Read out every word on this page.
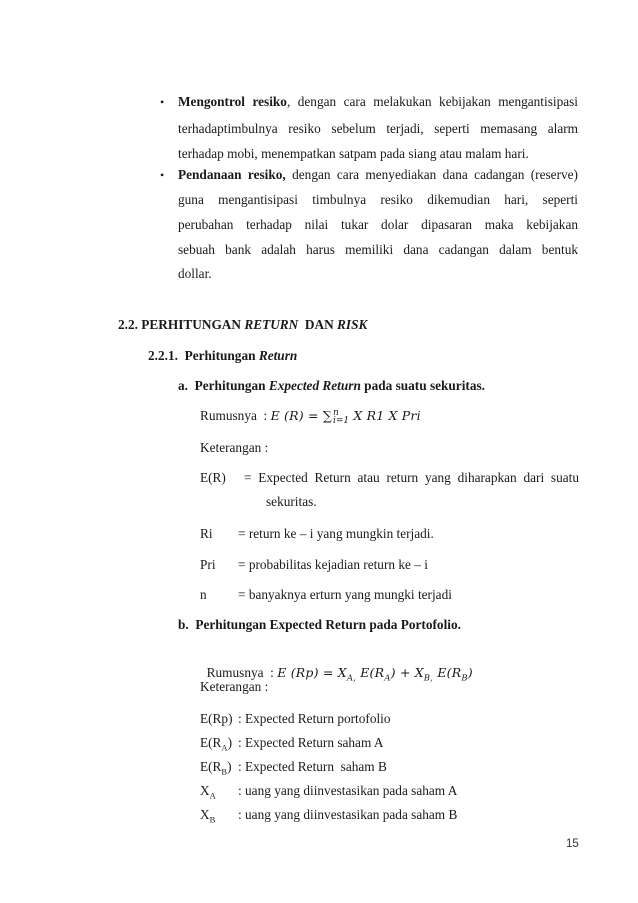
• Mengontrol resiko, dengan cara melakukan kebijakan mengantisipasi
terhadaptimbulnya resiko sebelum terjadi, seperti memasang alarm
terhadap mobi, menempatkan satpam pada siang atau malam hari.
• Pendanaan resiko, dengan cara menyediakan dana cadangan (reserve)
guna mengantisipasi timbulnya resiko dikemudian hari, seperti
perubahan terhadap nilai tukar dolar dipasaran maka kebijakan
sebuah bank adalah harus memiliki dana cadangan dalam bentuk
dollar.
2.2. PERHITUNGAN RETURN  DAN RISK
2.2.1.  Perhitungan Return
a.  Perhitungan Expected Return pada suatu sekuritas.
Rumusnya  : E (R) = ∑ n
i=1 X R1 X Pri
Keterangan :
E(R) = Expected Return atau return yang diharapkan dari suatu
sekuritas.
Ri = return ke – i yang mungkin terjadi.
Pri = probabilitas kejadian return ke – i
n = banyaknya erturn yang mungki terjadi
b.  Perhitungan Expected Return pada Portofolio.

Rumusnya  : E $(Rp) = X_{A,}$ $E(R_A) + X_{B,}$ $E(R_B)$

Keterangan :
E(Rp) : Expected Return portofolio
$E(R_A)$ : Expected Return saham A
$E(R_B)$ : Expected Return  saham B
$X_A$ : uang yang diinvestasikan pada saham A
$X_B$ : uang yang diinvestasikan pada saham B
15
